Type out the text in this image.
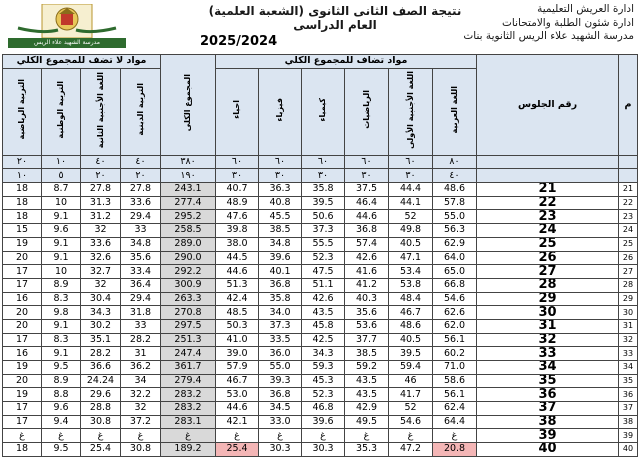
مدرسة الشهيد علاء الريس
نتيجة الصف الثانى الثانوى (الشعبة العلمية)
العام الدراسى
2025/2024
ادارة العريش التعليمية
ادارة شئون الطلبة والامتحانات
مدرسة الشهيد علاء الريس الثانوية بنات
مواد لا تضف للمجموع الكلي				المجموع الكلى	مواد تضاف للمجموع الكلي						رقم الجلوس	م
التربية الرياضية	التربية الوطنية	اللغة الأجنبية الثانية	التربية الدينية		احياء	فيزياء	كيمياء	الرياضيات	اللغة الأجنبية الأولى	اللغة العربية		
٢٠	١٠	٤٠	٤٠	٣٨٠	٦٠	٦٠	٦٠	٦٠	٦٠	٨٠		
١٠	٥	٢٠	٢٠	١٩٠	٣٠	٣٠	٣٠	٣٠	٣٠	٤٠		
18	8.7	27.8	27.8	243.1	40.7	36.3	35.8	37.5	44.4	48.6	21	21
18	10	31.3	33.6	277.4	48.9	40.8	39.5	46.4	44.1	57.8	22	22
18	9.1	31.2	29.4	295.2	47.6	45.5	50.6	44.6	52	55.0	23	23
15	9.6	32	33	258.5	39.8	38.5	37.3	36.8	49.8	56.3	24	24
19	9.1	33.6	34.8	289.0	38.0	34.8	55.5	57.4	40.5	62.9	25	25
20	9.1	32.6	35.6	290.0	44.5	39.6	52.3	42.6	47.1	64.0	26	26
17	10	32.7	33.4	292.2	44.6	40.1	47.5	41.6	53.4	65.0	27	27
17	8.9	32	36.4	300.9	51.3	36.8	51.1	41.2	53.8	66.8	28	28
16	8.3	30.4	29.4	263.3	42.4	35.8	42.6	40.3	48.4	54.6	29	29
20	9.8	34.3	31.8	270.8	48.5	34.0	43.5	35.6	46.7	62.6	30	30
20	9.1	30.2	33	297.5	50.3	37.3	45.8	53.6	48.6	62.0	31	31
17	8.3	35.1	28.2	251.3	41.0	33.5	42.5	37.7	40.5	56.1	32	32
16	9.1	28.2	31	247.4	39.0	36.0	34.3	38.5	39.5	60.2	33	33
19	9.5	36.6	36.2	361.7	57.9	55.0	59.3	59.2	59.4	71.0	34	34
20	8.9	24.24	34	279.4	46.7	39.3	45.3	43.5	46	58.6	35	35
19	8.8	29.6	32.2	283.2	53.0	36.8	52.3	43.5	41.7	56.1	36	36
17	9.6	28.8	32	283.2	44.6	34.5	46.8	42.9	52	62.4	37	37
17	9.4	30.8	37.2	283.1	42.1	33.0	39.6	49.5	54.6	64.4	38	38
غ	غ	غ	غ	غ	غ	غ	غ	غ	غ	غ	39	39
18	9.5	25.4	30.8	189.2	25.4	30.3	30.3	35.3	47.2	20.8	40	40
